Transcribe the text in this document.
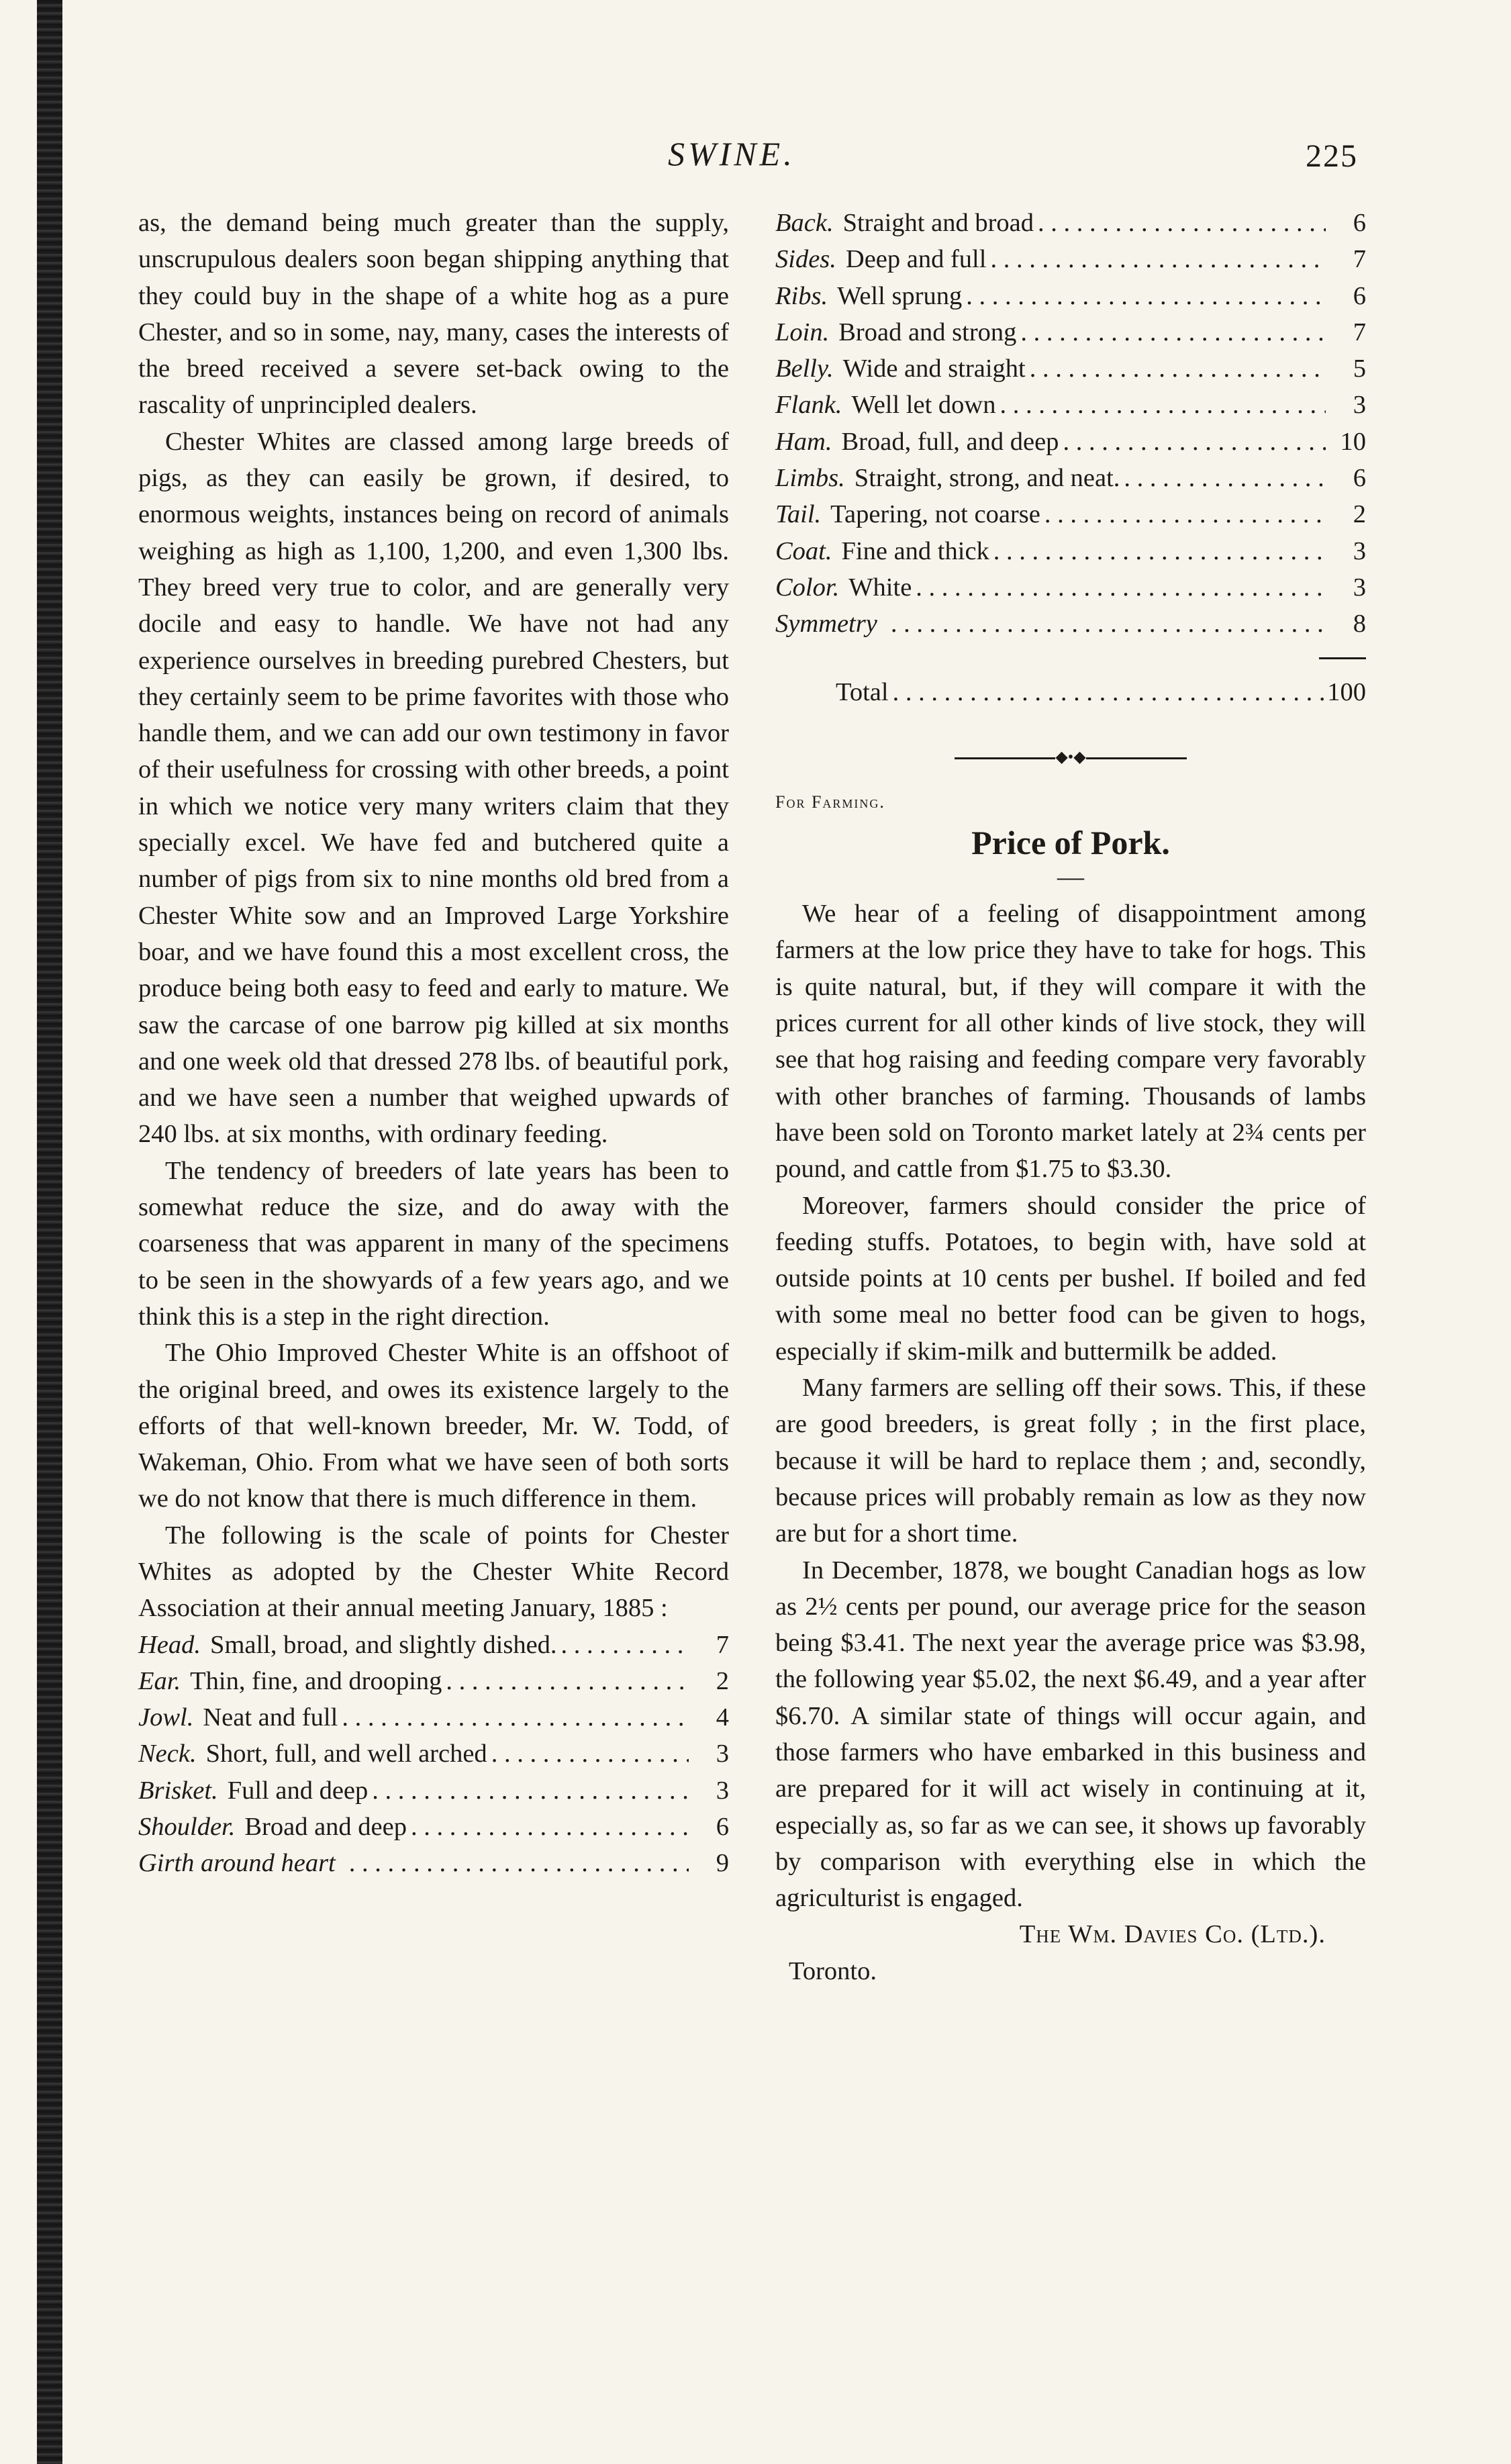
SWINE.	225

as, the demand being much greater than the supply, unscrupulous dealers soon began shipping anything that they could buy in the shape of a white hog as a pure Chester, and so in some, nay, many, cases the interests of the breed received a severe set-back owing to the rascality of unprincipled dealers.

Chester Whites are classed among large breeds of pigs, as they can easily be grown, if desired, to enormous weights, instances being on record of animals weighing as high as 1,100, 1,200, and even 1,300 lbs. They breed very true to color, and are generally very docile and easy to handle. We have not had any experience ourselves in breeding purebred Chesters, but they certainly seem to be prime favorites with those who handle them, and we can add our own testimony in favor of their usefulness for crossing with other breeds, a point in which we notice very many writers claim that they specially excel. We have fed and butchered quite a number of pigs from six to nine months old bred from a Chester White sow and an Improved Large Yorkshire boar, and we have found this a most excellent cross, the produce being both easy to feed and early to mature. We saw the carcase of one barrow pig killed at six months and one week old that dressed 278 lbs. of beautiful pork, and we have seen a number that weighed upwards of 240 lbs. at six months, with ordinary feeding.

The tendency of breeders of late years has been to somewhat reduce the size, and do away with the coarseness that was apparent in many of the specimens to be seen in the showyards of a few years ago, and we think this is a step in the right direction.

The Ohio Improved Chester White is an offshoot of the original breed, and owes its existence largely to the efforts of that well-known breeder, Mr. W. Todd, of Wakeman, Ohio. From what we have seen of both sorts we do not know that there is much difference in them.

The following is the scale of points for Chester Whites as adopted by the Chester White Record Association at their annual meeting January, 1885 :

Head. Small, broad, and slightly dished. . . .	7
Ear. Thin, fine, and drooping . . .	2
Jowl. Neat and full . . .	4
Neck. Short, full, and well arched . . .	3
Brisket. Full and deep . . .	3
Shoulder. Broad and deep . . .	6
Girth around heart . . .	9
Back. Straight and broad . . .	6
Sides. Deep and full . . .	7
Ribs. Well sprung . . .	6
Loin. Broad and strong . . .	7
Belly. Wide and straight . . .	5
Flank. Well let down . . .	3
Ham. Broad, full, and deep . . .	10
Limbs. Straight, strong, and neat. . . .	6
Tail. Tapering, not coarse . . .	2
Coat. Fine and thick . . .	3
Color. White . . .	3
Symmetry . . .	8
Total . . .	100
◆•◆
For Farming.
Price of Pork.
—

We hear of a feeling of disappointment among farmers at the low price they have to take for hogs. This is quite natural, but, if they will compare it with the prices current for all other kinds of live stock, they will see that hog raising and feeding compare very favorably with other branches of farming. Thousands of lambs have been sold on Toronto market lately at 2¾ cents per pound, and cattle from $1.75 to $3.30.

Moreover, farmers should consider the price of feeding stuffs. Potatoes, to begin with, have sold at outside points at 10 cents per bushel. If boiled and fed with some meal no better food can be given to hogs, especially if skim-milk and buttermilk be added.

Many farmers are selling off their sows. This, if these are good breeders, is great folly ; in the first place, because it will be hard to replace them ; and, secondly, because prices will probably remain as low as they now are but for a short time.

In December, 1878, we bought Canadian hogs as low as 2½ cents per pound, our average price for the season being $3.41. The next year the average price was $3.98, the following year $5.02, the next $6.49, and a year after $6.70. A similar state of things will occur again, and those farmers who have embarked in this business and are prepared for it will act wisely in continuing at it, especially as, so far as we can see, it shows up favorably by comparison with everything else in which the agriculturist is engaged.

The Wm. Davies Co. (Ltd.).
Toronto.
